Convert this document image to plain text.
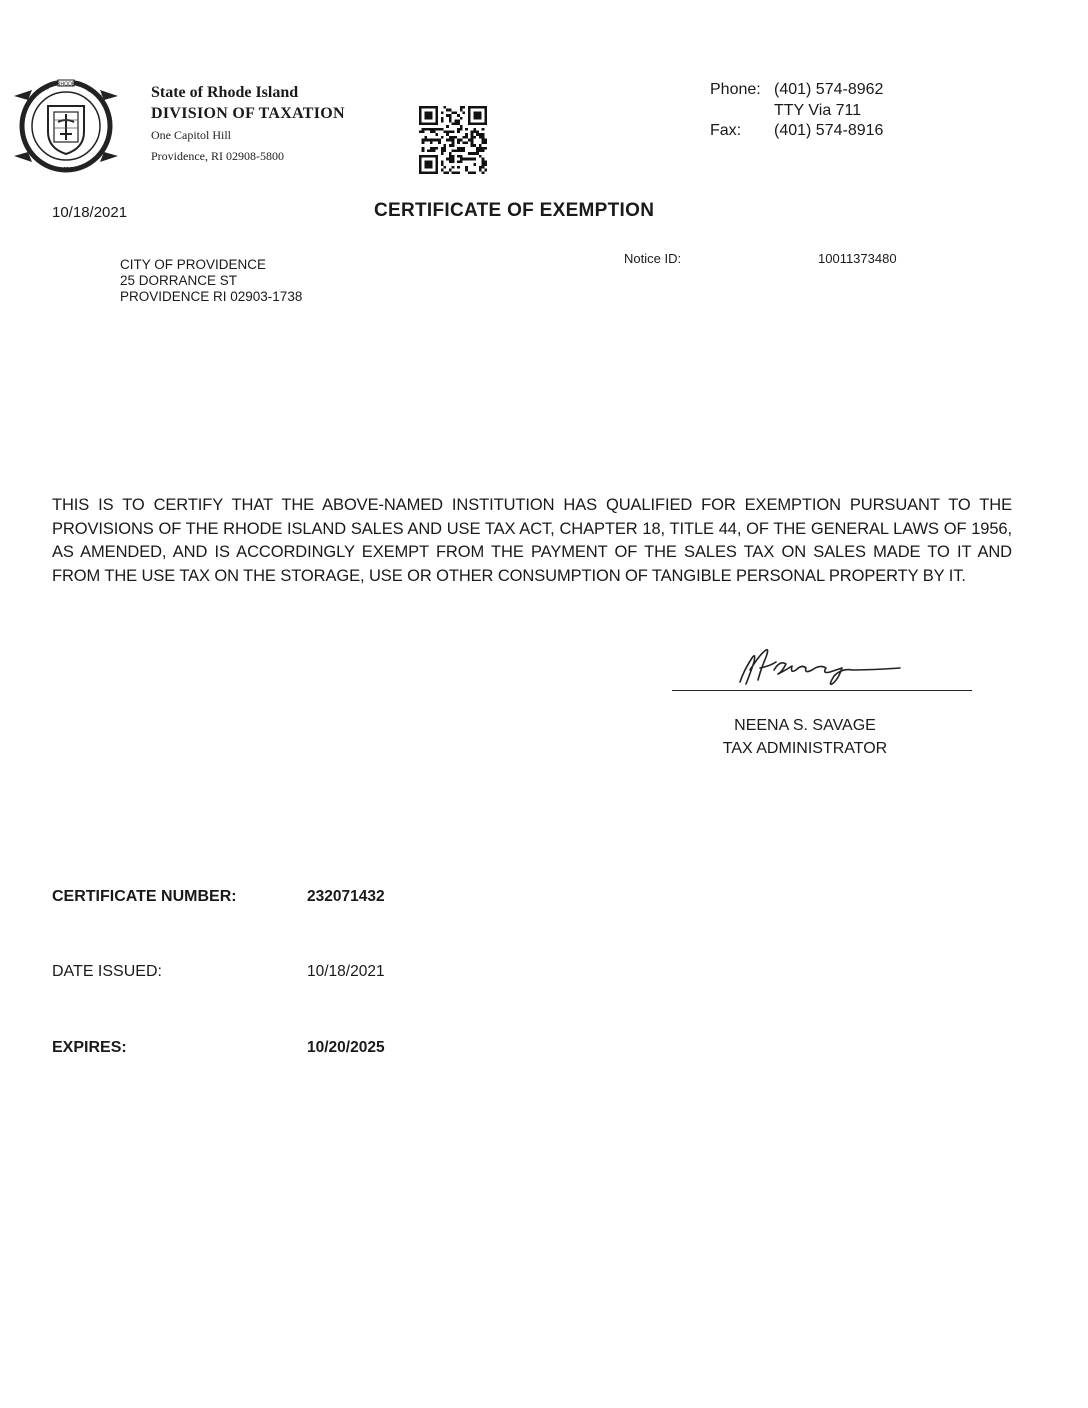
RHODE
STATE OF	ISLAND
1636
State of Rhode Island
DIVISION OF TAXATION
One Capitol Hill
Providence, RI 02908-5800
Phone: (401) 574-8962
TTY Via 711
Fax: (401) 574-8916
10/18/2021	CERTIFICATE OF EXEMPTION
CITY OF PROVIDENCE
25 DORRANCE ST
PROVIDENCE RI 02903-1738
Notice ID:	10011373480
THIS IS TO CERTIFY THAT THE ABOVE-NAMED INSTITUTION HAS QUALIFIED FOR EXEMPTION PURSUANT TO THE PROVISIONS OF THE RHODE ISLAND SALES AND USE TAX ACT, CHAPTER 18, TITLE 44, OF THE GENERAL LAWS OF 1956, AS AMENDED, AND IS ACCORDINGLY EXEMPT FROM THE PAYMENT OF THE SALES TAX ON SALES MADE TO IT AND FROM THE USE TAX ON THE STORAGE, USE OR OTHER CONSUMPTION OF TANGIBLE PERSONAL PROPERTY BY IT.
NEENA S. SAVAGE
TAX ADMINISTRATOR
CERTIFICATE NUMBER:	232071432
DATE ISSUED:	10/18/2021
EXPIRES:	10/20/2025
